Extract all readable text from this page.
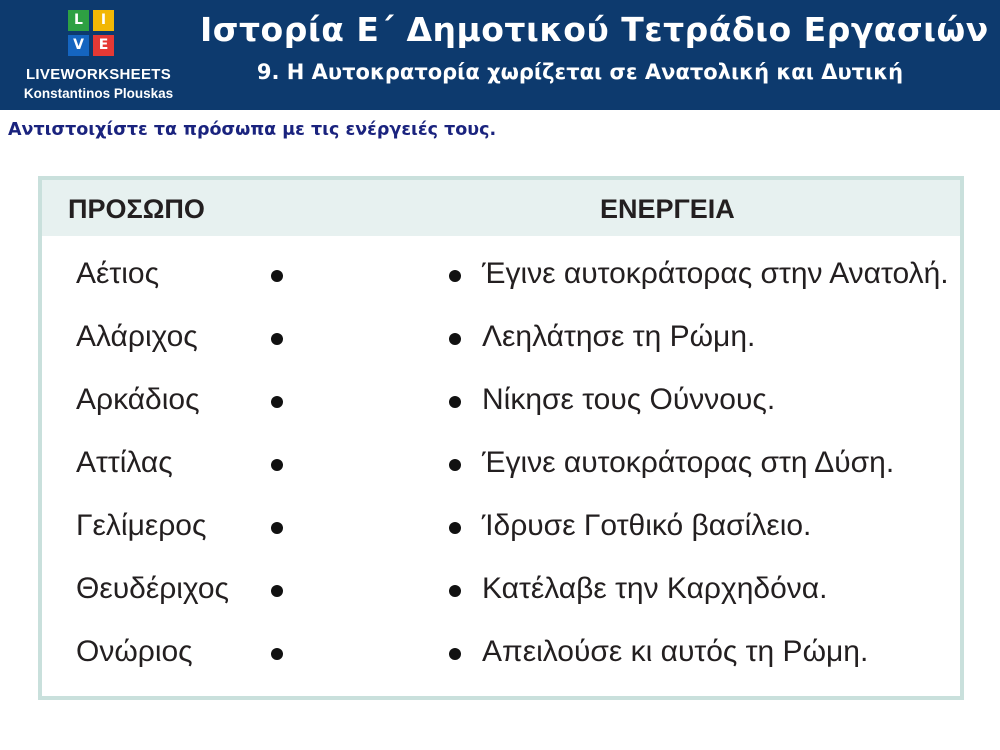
L	I
V	E
LIVEWORKSHEETS
Konstantinos Plouskas
Ιστορία Ε΄ Δημοτικού Τετράδιο Εργασιών
9. Η Αυτοκρατορία χωρίζεται σε Ανατολική και Δυτική
Αντιστοιχίστε τα πρόσωπα με τις ενέργειές τους.
ΠΡΟΣΩΠΟ	ΕΝΕΡΓΕΙΑ
Αέτιος	Έγινε αυτοκράτορας στην Ανατολή.
Αλάριχος	Λεηλάτησε τη Ρώμη.
Αρκάδιος	Νίκησε τους Ούννους.
Αττίλας	Έγινε αυτοκράτορας στη Δύση.
Γελίμερος	Ίδρυσε Γοτθικό βασίλειο.
Θευδέριχος	Κατέλαβε την Καρχηδόνα.
Ονώριος	Απειλούσε κι αυτός τη Ρώμη.
